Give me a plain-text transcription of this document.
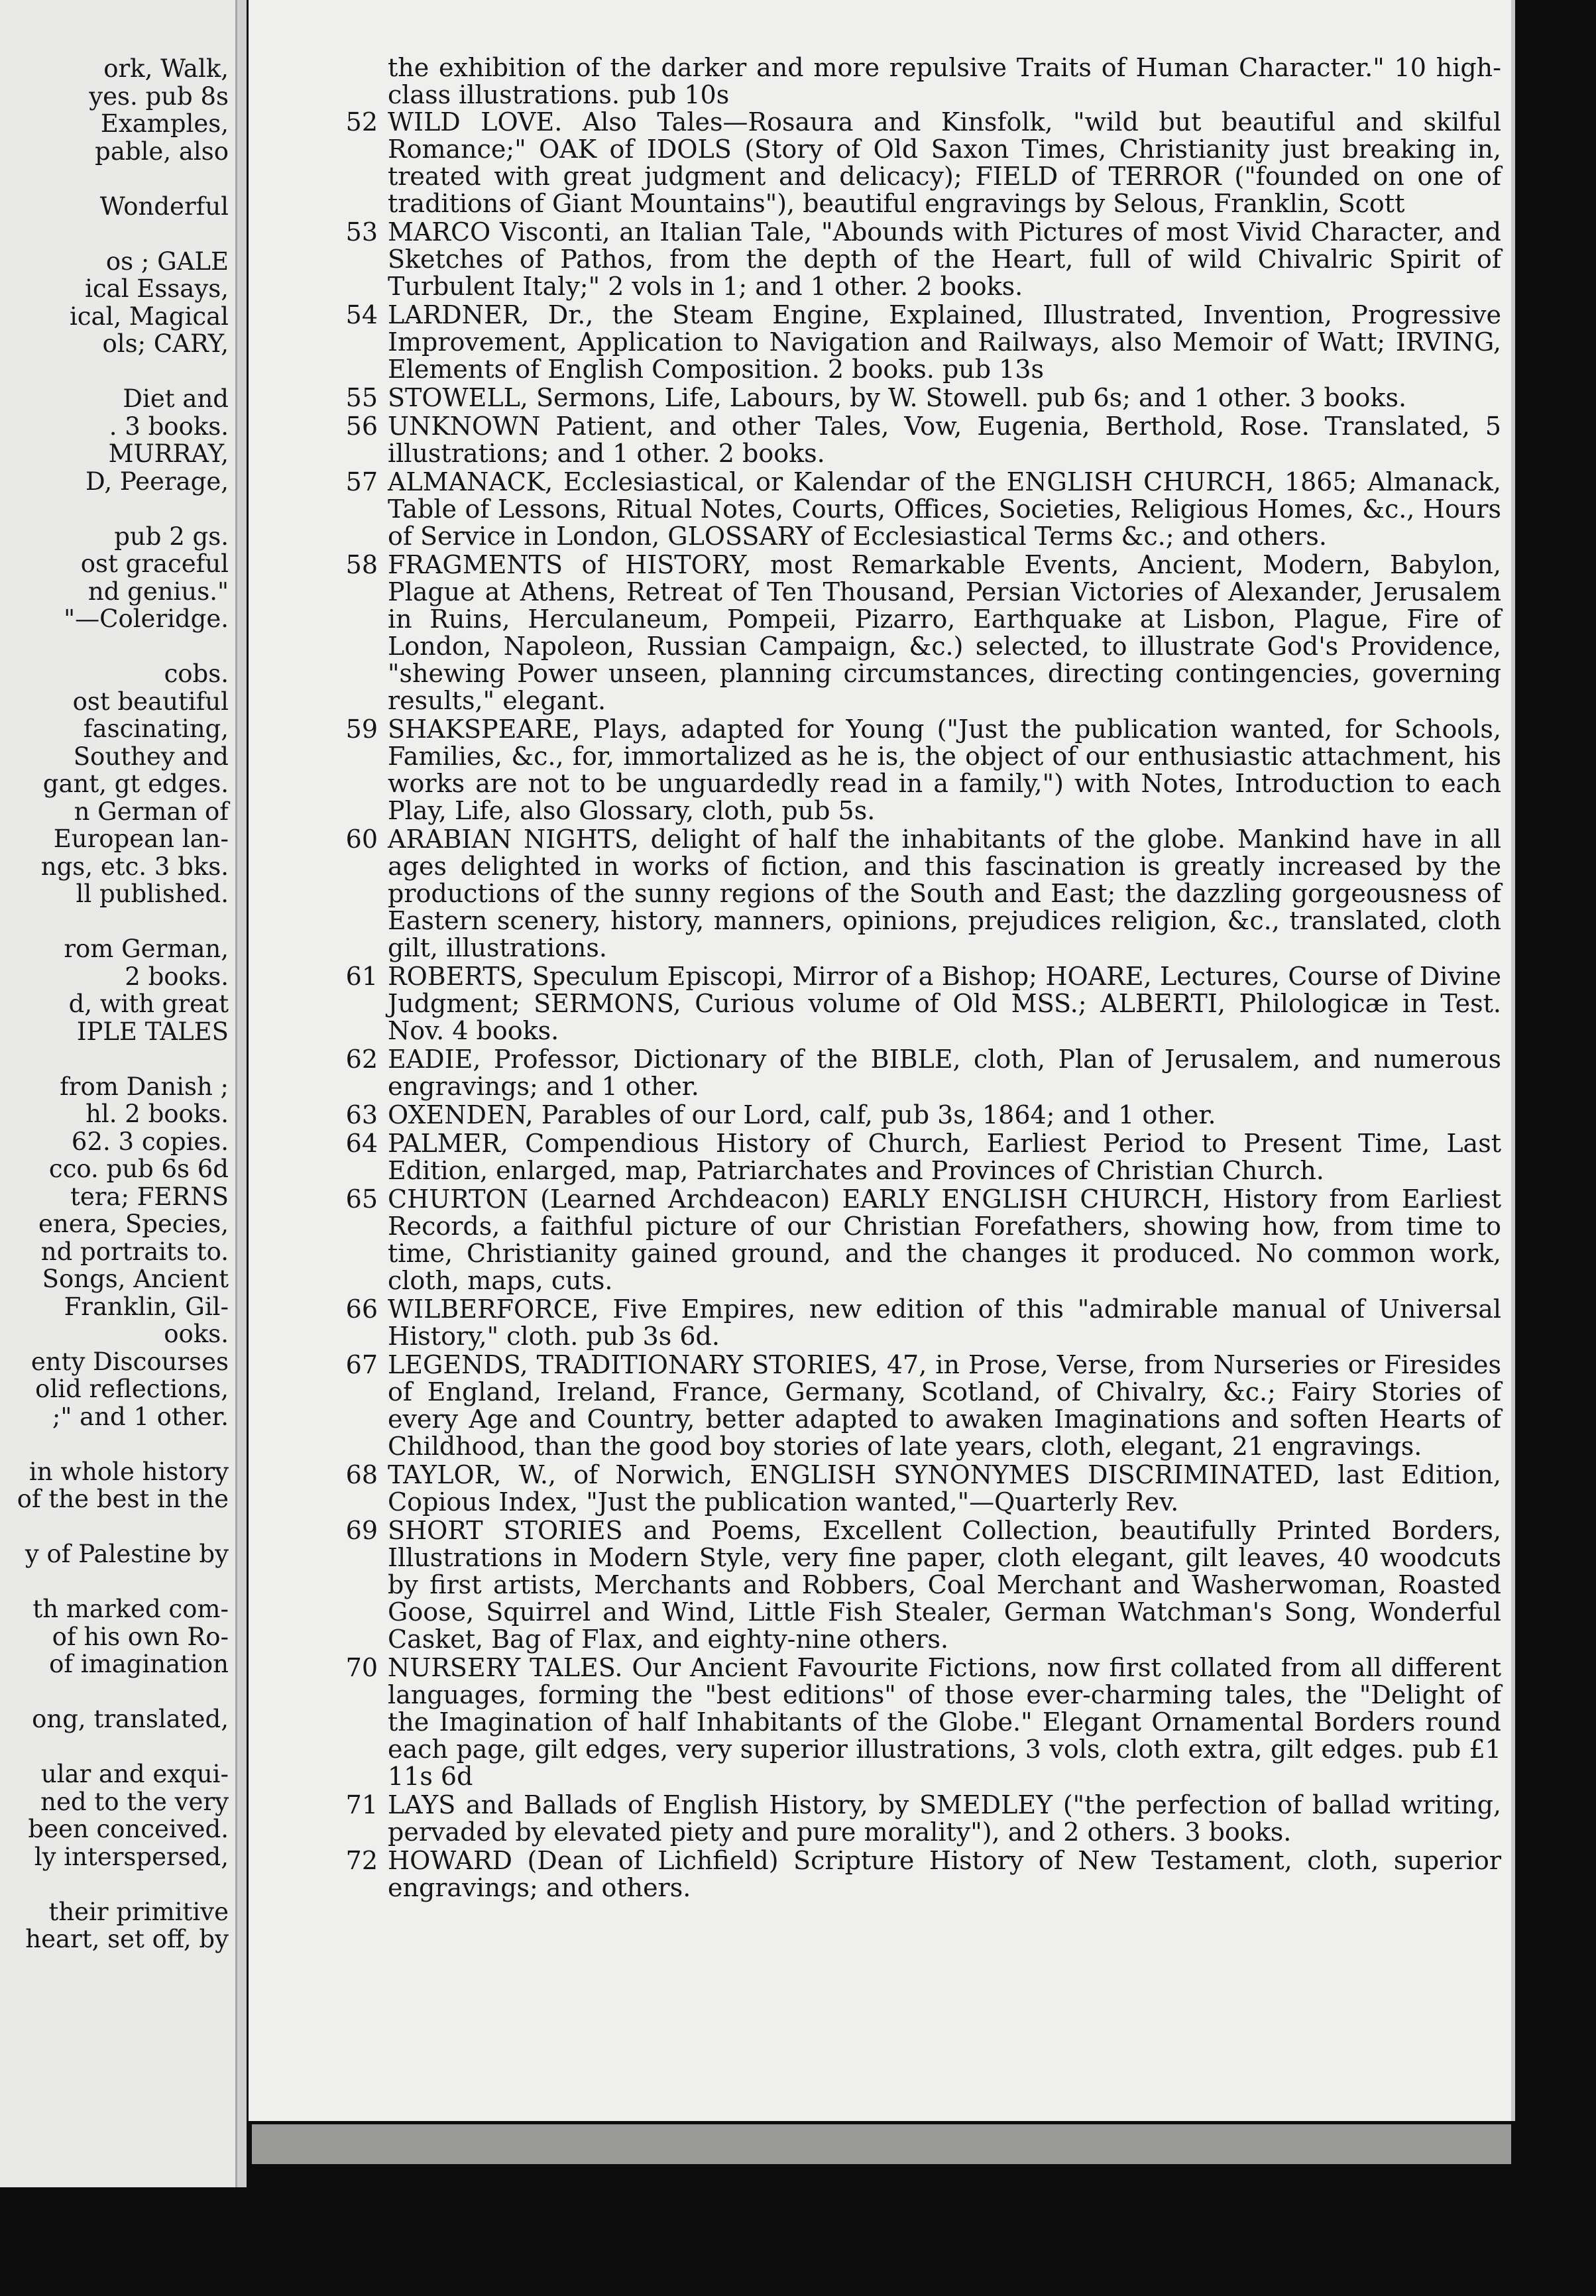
ork, Walk,
yes. pub 8s
Examples,
pable, also
Wonderful
os ; GALE
ical Essays,
ical, Magical
ols; CARY,
Diet and
. 3 books.
MURRAY,
D, Peerage,
pub 2 gs.
ost graceful
nd genius."
"—Coleridge.
cobs.
ost beautiful
fascinating,
Southey and
gant, gt edges.
n German of
European lan-
ngs, etc. 3 bks.
ll published.
rom German,
2 books.
d, with great
IPLE TALES
from Danish ;
hl. 2 books.
62. 3 copies.
cco. pub 6s 6d
tera; FERNS
enera, Species,
nd portraits to.
Songs, Ancient
Franklin, Gil-
ooks.
enty Discourses
olid reflections,
;" and 1 other.
in whole history
of the best in the
y of Palestine by
th marked com-
of his own Ro-
of imagination
ong, translated,
ular and exqui-
ned to the very
been conceived.
ly interspersed,
their primitive
heart, set off, by
the exhibition of the darker and more repulsive Traits of Human Character." 10 high-class illustrations. pub 10s
52 WILD LOVE. Also Tales—Rosaura and Kinsfolk, "wild but beautiful and skilful Romance;" OAK of IDOLS (Story of Old Saxon Times, Christianity just breaking in, treated with great judgment and delicacy); FIELD of TERROR ("founded on one of traditions of Giant Mountains"), beautiful engravings by Selous, Franklin, Scott
53 MARCO Visconti, an Italian Tale, "Abounds with Pictures of most Vivid Character, and Sketches of Pathos, from the depth of the Heart, full of wild Chivalric Spirit of Turbulent Italy;" 2 vols in 1; and 1 other. 2 books.
54 LARDNER, Dr., the Steam Engine, Explained, Illustrated, Invention, Progressive Improvement, Application to Navigation and Railways, also Memoir of Watt; IRVING, Elements of English Composition. 2 books. pub 13s
55 STOWELL, Sermons, Life, Labours, by W. Stowell. pub 6s; and 1 other. 3 books.
56 UNKNOWN Patient, and other Tales, Vow, Eugenia, Berthold, Rose. Translated, 5 illustrations; and 1 other. 2 books.
57 ALMANACK, Ecclesiastical, or Kalendar of the ENGLISH CHURCH, 1865; Almanack, Table of Lessons, Ritual Notes, Courts, Offices, Societies, Religious Homes, &c., Hours of Service in London, GLOSSARY of Ecclesiastical Terms &c.; and others.
58 FRAGMENTS of HISTORY, most Remarkable Events, Ancient, Modern, Babylon, Plague at Athens, Retreat of Ten Thousand, Persian Victories of Alexander, Jerusalem in Ruins, Herculaneum, Pompeii, Pizarro, Earthquake at Lisbon, Plague, Fire of London, Napoleon, Russian Campaign, &c.) selected, to illustrate God's Providence, "shewing Power unseen, planning circumstances, directing contingencies, governing results," elegant.
59 SHAKSPEARE, Plays, adapted for Young ("Just the publication wanted, for Schools, Families, &c., for, immortalized as he is, the object of our enthusiastic attachment, his works are not to be unguardedly read in a family,") with Notes, Introduction to each Play, Life, also Glossary, cloth, pub 5s.
60 ARABIAN NIGHTS, delight of half the inhabitants of the globe. Mankind have in all ages delighted in works of fiction, and this fascination is greatly increased by the productions of the sunny regions of the South and East; the dazzling gorgeousness of Eastern scenery, history, manners, opinions, prejudices religion, &c., translated, cloth gilt, illustrations.
61 ROBERTS, Speculum Episcopi, Mirror of a Bishop; HOARE, Lectures, Course of Divine Judgment; SERMONS, Curious volume of Old MSS.; ALBERTI, Philologicæ in Test. Nov. 4 books.
62 EADIE, Professor, Dictionary of the BIBLE, cloth, Plan of Jerusalem, and numerous engravings; and 1 other.
63 OXENDEN, Parables of our Lord, calf, pub 3s, 1864; and 1 other.
64 PALMER, Compendious History of Church, Earliest Period to Present Time, Last Edition, enlarged, map, Patriarchates and Provinces of Christian Church.
65 CHURTON (Learned Archdeacon) EARLY ENGLISH CHURCH, History from Earliest Records, a faithful picture of our Christian Forefathers, showing how, from time to time, Christianity gained ground, and the changes it produced. No common work, cloth, maps, cuts.
66 WILBERFORCE, Five Empires, new edition of this "admirable manual of Universal History," cloth. pub 3s 6d.
67 LEGENDS, TRADITIONARY STORIES, 47, in Prose, Verse, from Nurseries or Firesides of England, Ireland, France, Germany, Scotland, of Chivalry, &c.; Fairy Stories of every Age and Country, better adapted to awaken Imaginations and soften Hearts of Childhood, than the good boy stories of late years, cloth, elegant, 21 engravings.
68 TAYLOR, W., of Norwich, ENGLISH SYNONYMES DISCRIMINATED, last Edition, Copious Index, "Just the publication wanted,"—Quarterly Rev.
69 SHORT STORIES and Poems, Excellent Collection, beautifully Printed Borders, Illustrations in Modern Style, very fine paper, cloth elegant, gilt leaves, 40 woodcuts by first artists, Merchants and Robbers, Coal Merchant and Washerwoman, Roasted Goose, Squirrel and Wind, Little Fish Stealer, German Watchman's Song, Wonderful Casket, Bag of Flax, and eighty-nine others.
70 NURSERY TALES. Our Ancient Favourite Fictions, now first collated from all different languages, forming the "best editions" of those ever-charming tales, the "Delight of the Imagination of half Inhabitants of the Globe." Elegant Ornamental Borders round each page, gilt edges, very superior illustrations, 3 vols, cloth extra, gilt edges. pub £1 11s 6d
71 LAYS and Ballads of English History, by SMEDLEY ("the perfection of ballad writing, pervaded by elevated piety and pure morality"), and 2 others. 3 books.
72 HOWARD (Dean of Lichfield) Scripture History of New Testament, cloth, superior engravings; and others.
